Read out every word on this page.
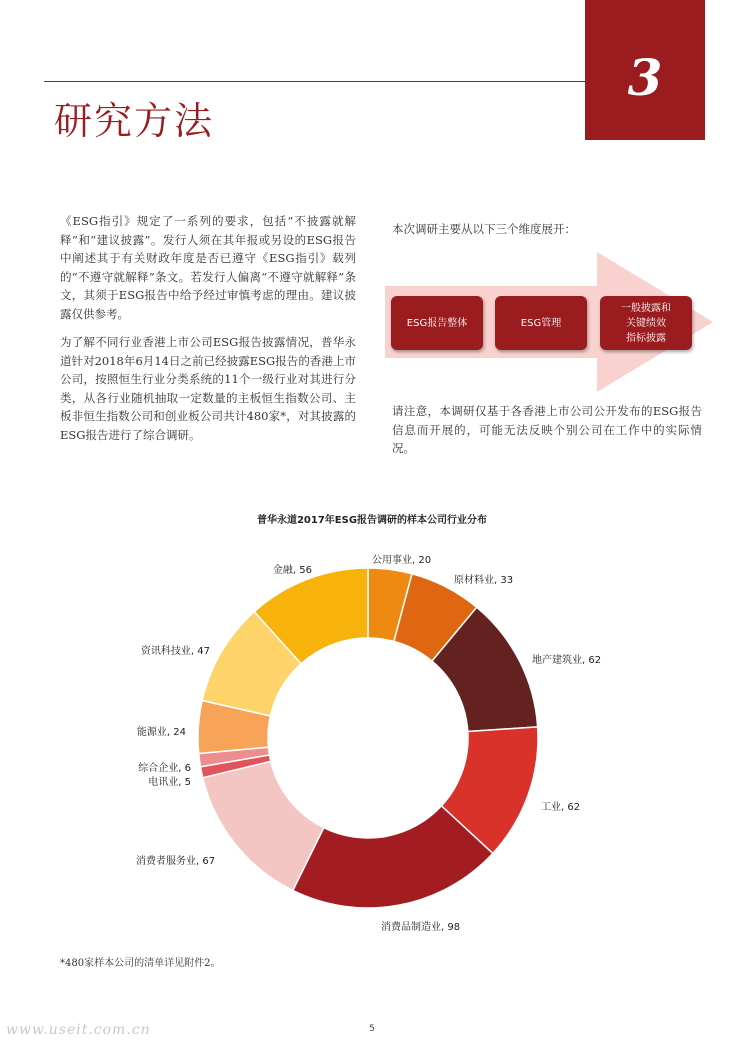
3
研究方法
《ESG指引》规定了一系列的要求，包括“不披露就解释”和“建议披露”。发行人须在其年报或另设的ESG报告中阐述其于有关财政年度是否已遵守《ESG指引》载列的“不遵守就解释”条文。若发行人偏离“不遵守就解释”条文，其须于ESG报告中给予经过审慎考虑的理由。建议披露仅供参考。
为了解不同行业香港上市公司ESG报告披露情况，普华永道针对2018年6月14日之前已经披露ESG报告的香港上市公司，按照恒生行业分类系统的11个一级行业对其进行分类，从各行业随机抽取一定数量的主板恒生指数公司、主板非恒生指数公司和创业板公司共计480家*，对其披露的ESG报告进行了综合调研。
本次调研主要从以下三个维度展开：
ESG报告整体	ESG管理
一般披露和
关键绩效
指标披露
请注意，本调研仅基于各香港上市公司公开发布的ESG报告信息而开展的，可能无法反映个别公司在工作中的实际情况。
普华永道2017年ESG报告调研的样本公司行业分布
公用事业, 20
原材料业, 33
地产建筑业, 62
工业, 62
消费品制造业, 98
消费者服务业, 67
电讯业, 5
综合企业, 6
能源业, 24
资讯科技业, 47
金融, 56
*480家样本公司的清单详见附件2。
www.useit.com.cn	5
